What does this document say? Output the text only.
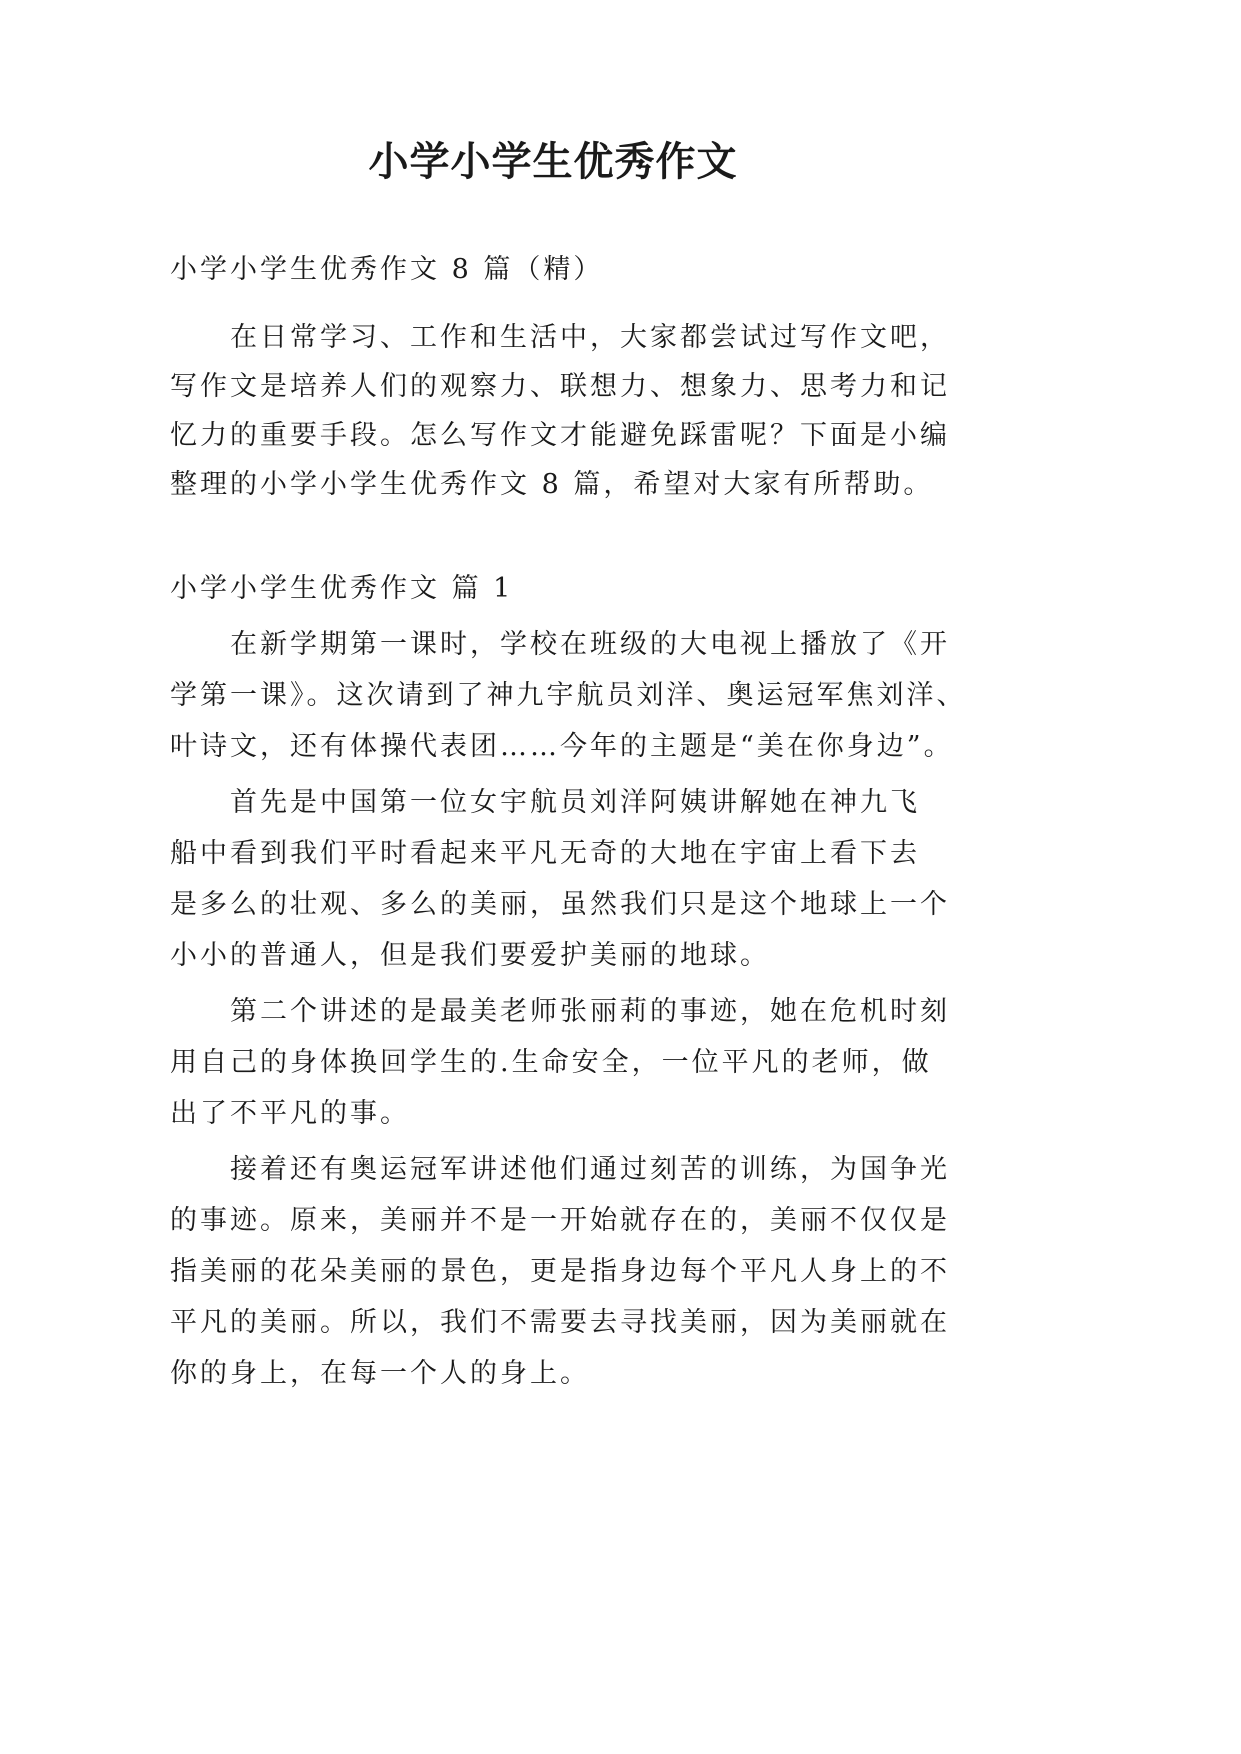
小学小学生优秀作文
小学小学生优秀作文 8 篇（精）
在日常学习、工作和生活中，大家都尝试过写作文吧，
写作文是培养人们的观察力、联想力、想象力、思考力和记
忆力的重要手段。怎么写作文才能避免踩雷呢？下面是小编
整理的小学小学生优秀作文 8 篇，希望对大家有所帮助。
小学小学生优秀作文 篇 1
在新学期第一课时，学校在班级的大电视上播放了《开
学第一课》。这次请到了神九宇航员刘洋、奥运冠军焦刘洋、
叶诗文，还有体操代表团……今年的主题是“美在你身边”。
首先是中国第一位女宇航员刘洋阿姨讲解她在神九飞
船中看到我们平时看起来平凡无奇的大地在宇宙上看下去
是多么的壮观、多么的美丽，虽然我们只是这个地球上一个
小小的普通人，但是我们要爱护美丽的地球。
第二个讲述的是最美老师张丽莉的事迹，她在危机时刻
用自己的身体换回学生的.生命安全，一位平凡的老师，做
出了不平凡的事。
接着还有奥运冠军讲述他们通过刻苦的训练，为国争光
的事迹。原来，美丽并不是一开始就存在的，美丽不仅仅是
指美丽的花朵美丽的景色，更是指身边每个平凡人身上的不
平凡的美丽。所以，我们不需要去寻找美丽，因为美丽就在
你的身上，在每一个人的身上。
